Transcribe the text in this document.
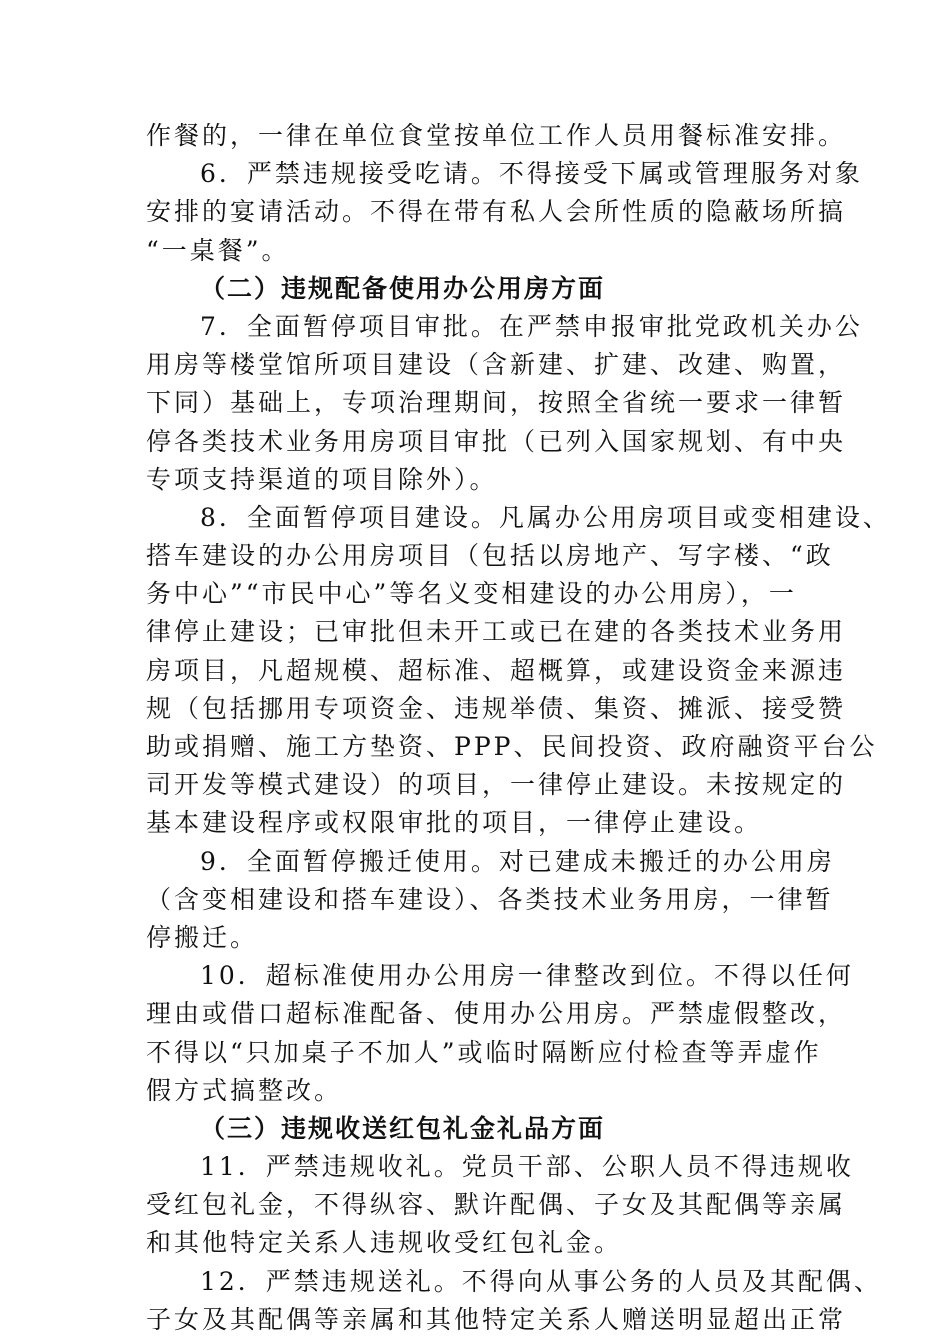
作餐的，一律在单位食堂按单位工作人员用餐标准安排。
6．严禁违规接受吃请。不得接受下属或管理服务对象
安排的宴请活动。不得在带有私人会所性质的隐蔽场所搞
“一桌餐”。
（二）违规配备使用办公用房方面
7．全面暂停项目审批。在严禁申报审批党政机关办公
用房等楼堂馆所项目建设（含新建、扩建、改建、购置，
下同）基础上，专项治理期间，按照全省统一要求一律暂
停各类技术业务用房项目审批（已列入国家规划、有中央
专项支持渠道的项目除外）。
8．全面暂停项目建设。凡属办公用房项目或变相建设、
搭车建设的办公用房项目（包括以房地产、写字楼、“政
务中心”“市民中心”等名义变相建设的办公用房），一
律停止建设；已审批但未开工或已在建的各类技术业务用
房项目，凡超规模、超标准、超概算，或建设资金来源违
规（包括挪用专项资金、违规举债、集资、摊派、接受赞
助或捐赠、施工方垫资、PPP、民间投资、政府融资平台公
司开发等模式建设）的项目，一律停止建设。未按规定的
基本建设程序或权限审批的项目，一律停止建设。
9．全面暂停搬迁使用。对已建成未搬迁的办公用房
（含变相建设和搭车建设）、各类技术业务用房，一律暂
停搬迁。
10．超标准使用办公用房一律整改到位。不得以任何
理由或借口超标准配备、使用办公用房。严禁虚假整改，
不得以“只加桌子不加人”或临时隔断应付检查等弄虚作
假方式搞整改。
（三）违规收送红包礼金礼品方面
11．严禁违规收礼。党员干部、公职人员不得违规收
受红包礼金，不得纵容、默许配偶、子女及其配偶等亲属
和其他特定关系人违规收受红包礼金。
12．严禁违规送礼。不得向从事公务的人员及其配偶、
子女及其配偶等亲属和其他特定关系人赠送明显超出正常
